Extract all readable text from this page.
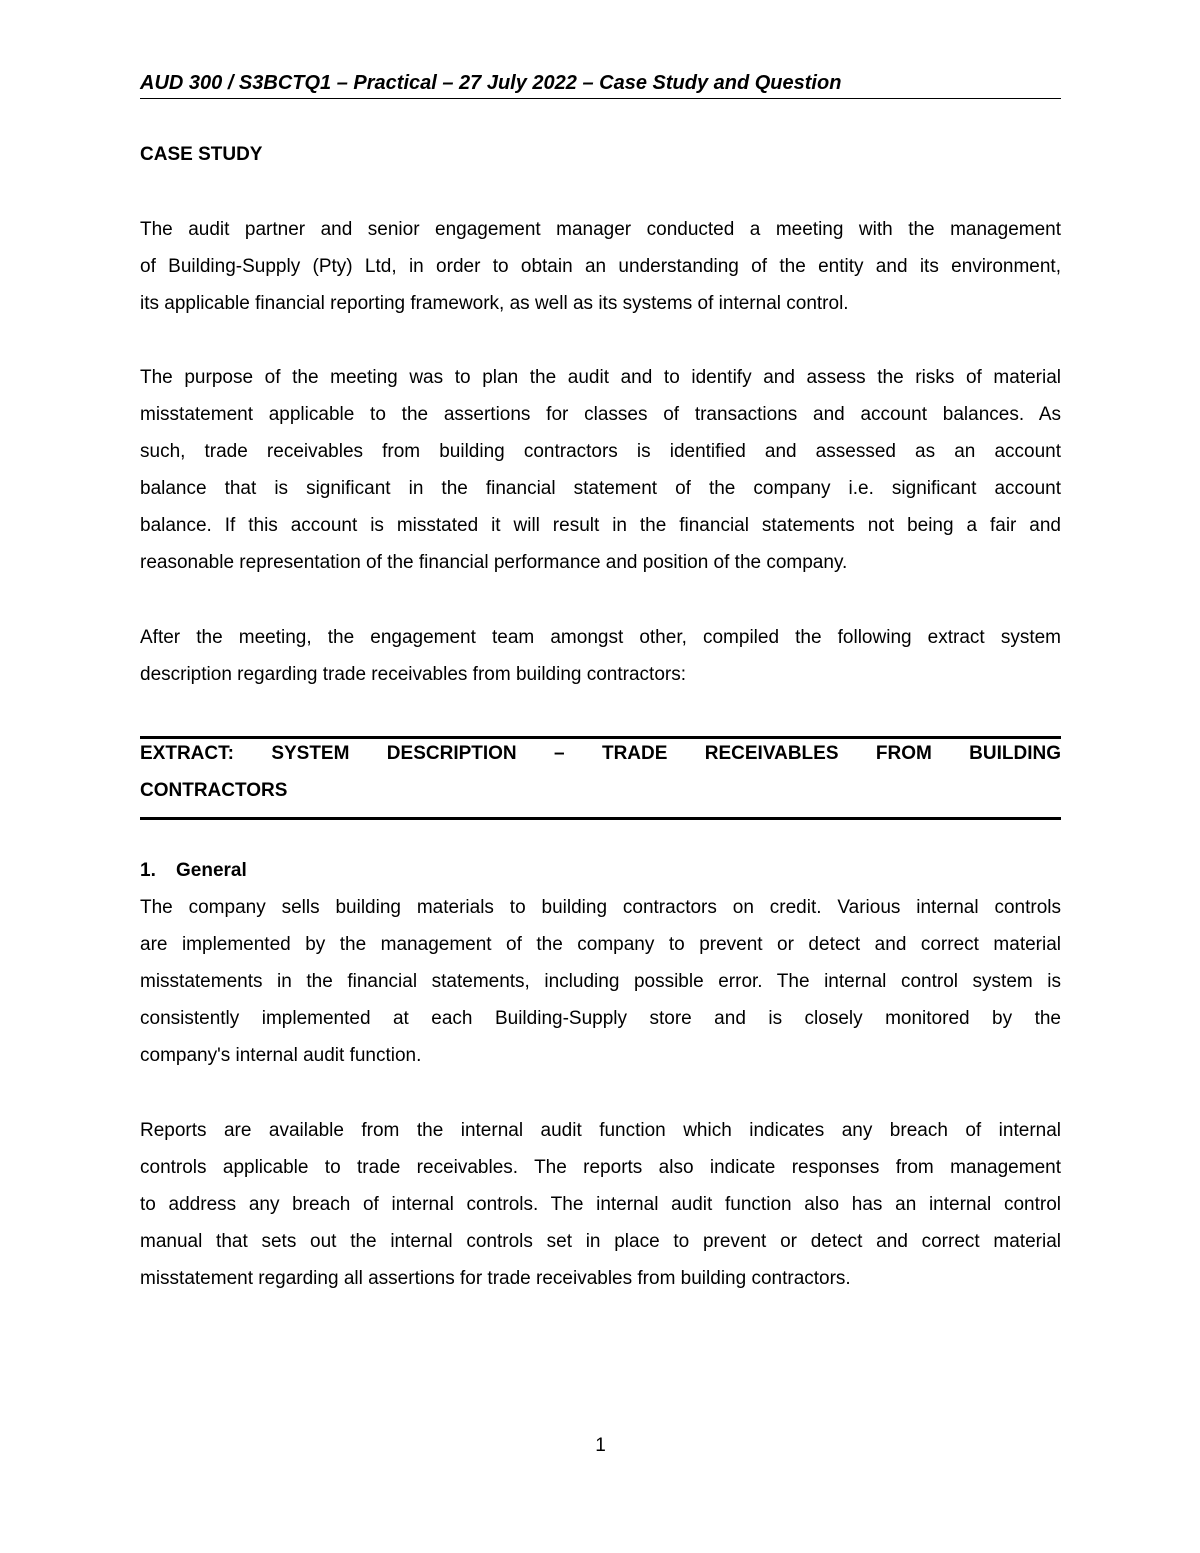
AUD 300 / S3BCTQ1 – Practical – 27 July 2022 – Case Study and Question
CASE STUDY
The audit partner and senior engagement manager conducted a meeting with the management
of Building-Supply (Pty) Ltd, in order to obtain an understanding of the entity and its environment,
its applicable financial reporting framework, as well as its systems of internal control.
The purpose of the meeting was to plan the audit and to identify and assess the risks of material
misstatement applicable to the assertions for classes of transactions and account balances. As
such, trade receivables from building contractors is identified and assessed as an account
balance that is significant in the financial statement of the company i.e. significant account
balance. If this account is misstated it will result in the financial statements not being a fair and
reasonable representation of the financial performance and position of the company.
After the meeting, the engagement team amongst other, compiled the following extract system
description regarding trade receivables from building contractors:
EXTRACT: SYSTEM DESCRIPTION – TRADE RECEIVABLES FROM BUILDING
CONTRACTORS
1. General
The company sells building materials to building contractors on credit. Various internal controls
are implemented by the management of the company to prevent or detect and correct material
misstatements in the financial statements, including possible error. The internal control system is
consistently implemented at each Building-Supply store and is closely monitored by the
company's internal audit function.
Reports are available from the internal audit function which indicates any breach of internal
controls applicable to trade receivables. The reports also indicate responses from management
to address any breach of internal controls. The internal audit function also has an internal control
manual that sets out the internal controls set in place to prevent or detect and correct material
misstatement regarding all assertions for trade receivables from building contractors.
1
